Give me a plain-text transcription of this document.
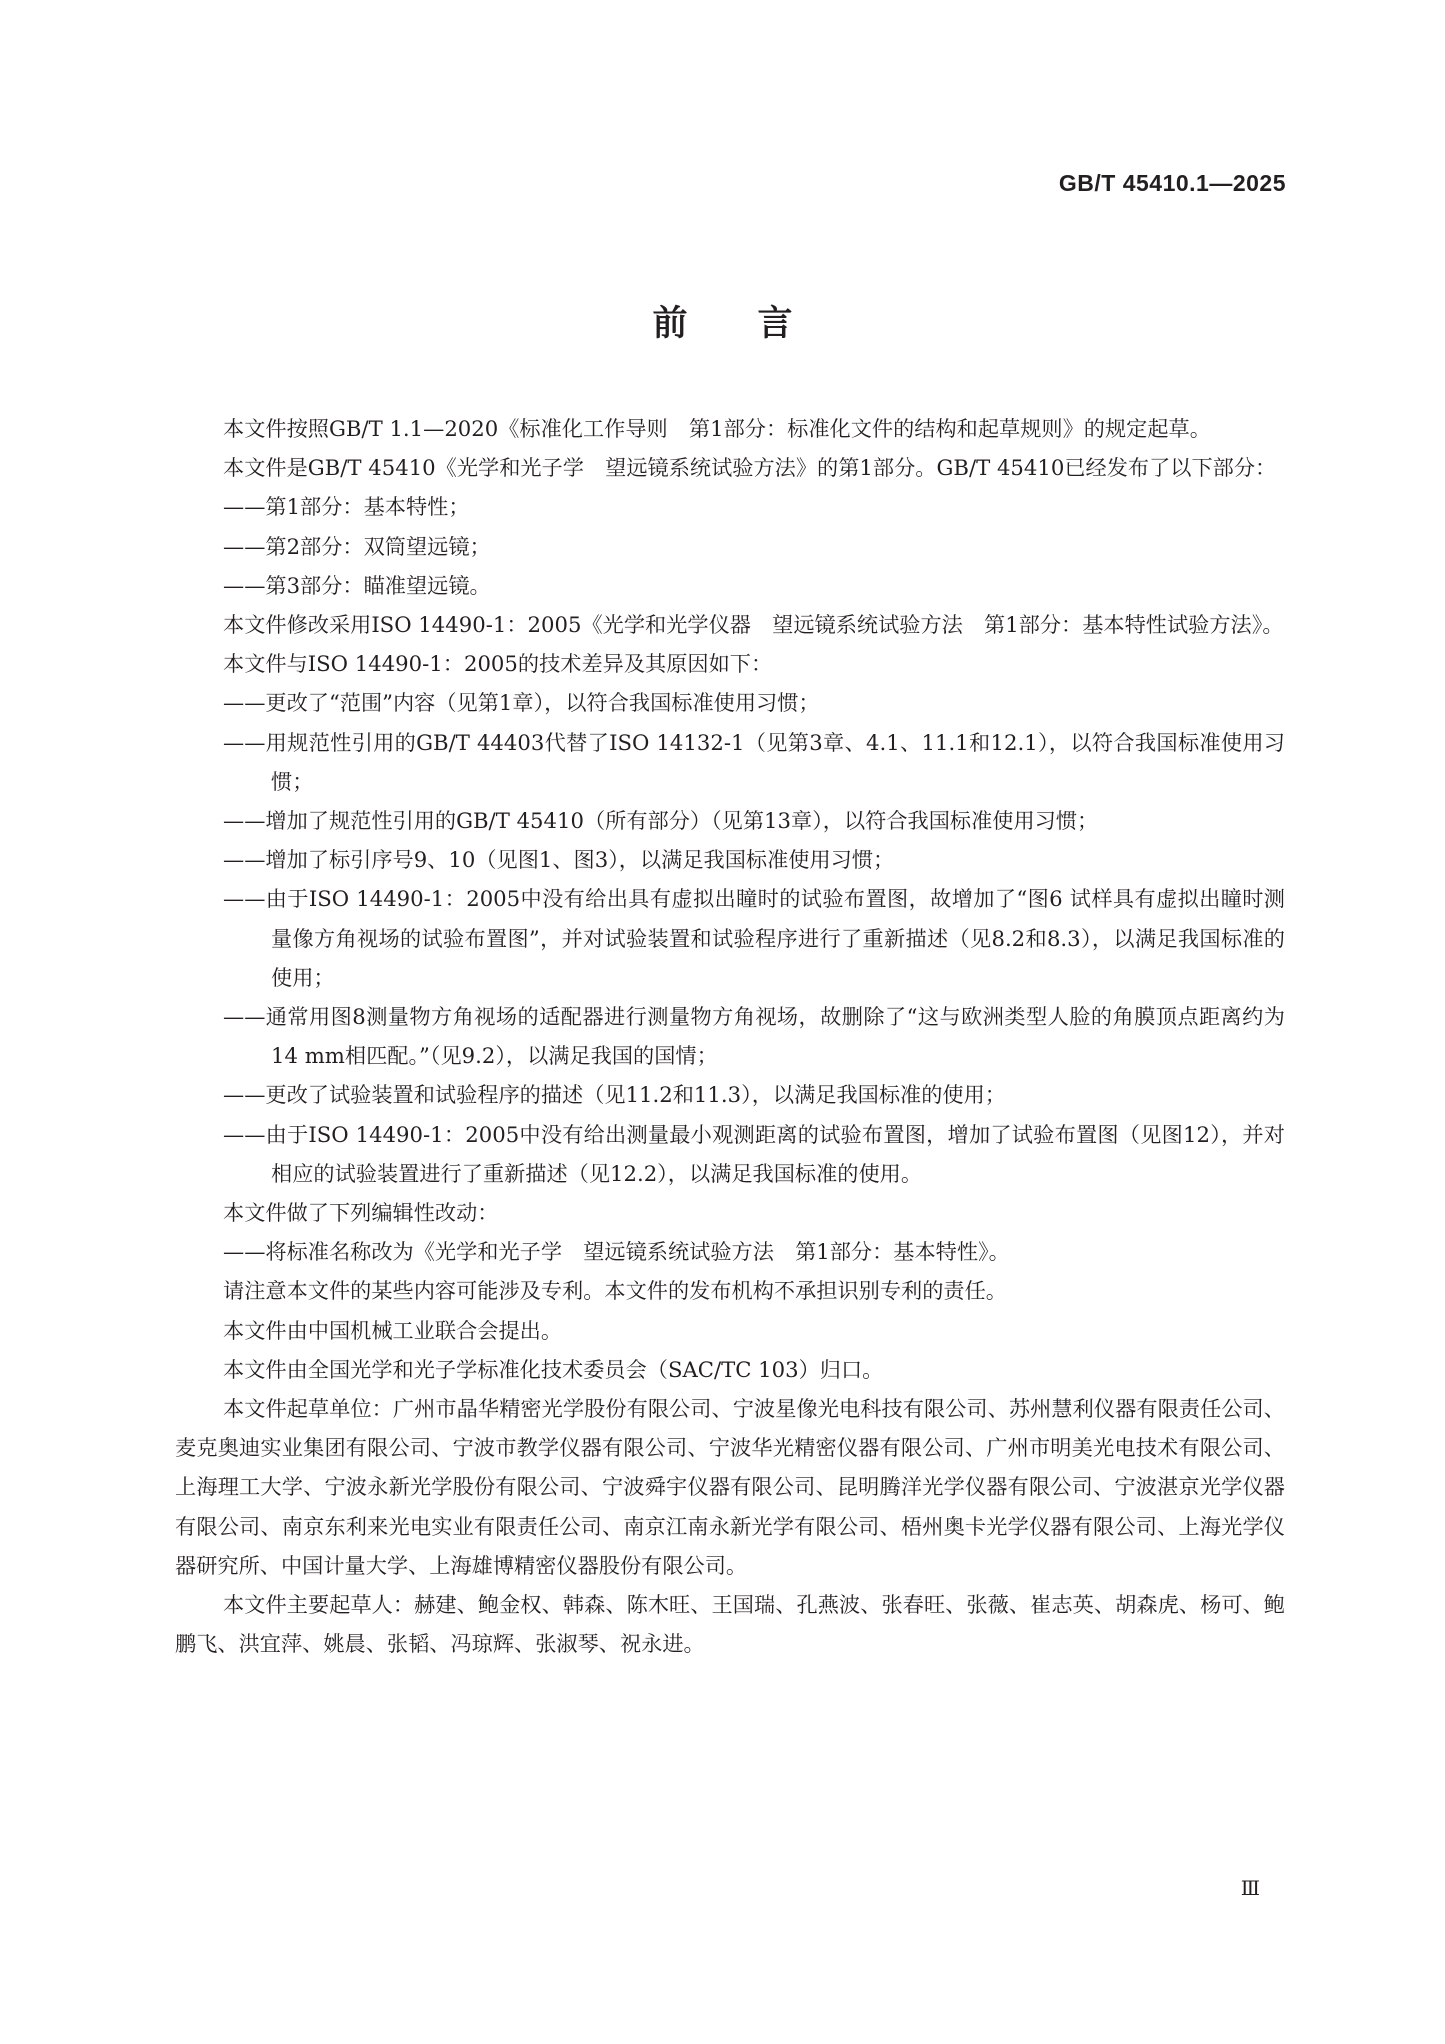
GB/T 45410.1—2025
前 言

本文件按照GB/T 1.1—2020《标准化工作导则　第1部分：标准化文件的结构和起草规则》的规定起草。

本文件是GB/T 45410《光学和光子学　望远镜系统试验方法》的第1部分。GB/T 45410已经发布了以下部分：

——第1部分：基本特性；

——第2部分：双筒望远镜；

——第3部分：瞄准望远镜。

本文件修改采用ISO 14490-1：2005《光学和光学仪器　望远镜系统试验方法　第1部分：基本特性试验方法》。

本文件与ISO 14490-1：2005的技术差异及其原因如下：

——更改了“范围”内容（见第1章），以符合我国标准使用习惯；

——用规范性引用的GB/T 44403代替了ISO 14132-1（见第3章、4.1、11.1和12.1），以符合我国标准使用习惯；

——增加了规范性引用的GB/T 45410（所有部分）（见第13章），以符合我国标准使用习惯；

——增加了标引序号9、10（见图1、图3），以满足我国标准使用习惯；

——由于ISO 14490-1：2005中没有给出具有虚拟出瞳时的试验布置图，故增加了“图6 试样具有虚拟出瞳时测量像方角视场的试验布置图”，并对试验装置和试验程序进行了重新描述（见8.2和8.3），以满足我国标准的使用；

——通常用图8测量物方角视场的适配器进行测量物方角视场，故删除了“这与欧洲类型人脸的角膜顶点距离约为14 mm相匹配。”（见9.2），以满足我国的国情；

——更改了试验装置和试验程序的描述（见11.2和11.3），以满足我国标准的使用；

——由于ISO 14490-1：2005中没有给出测量最小观测距离的试验布置图，增加了试验布置图（见图12），并对相应的试验装置进行了重新描述（见12.2），以满足我国标准的使用。

本文件做了下列编辑性改动：

——将标准名称改为《光学和光子学　望远镜系统试验方法　第1部分：基本特性》。

请注意本文件的某些内容可能涉及专利。本文件的发布机构不承担识别专利的责任。

本文件由中国机械工业联合会提出。

本文件由全国光学和光子学标准化技术委员会（SAC/TC 103）归口。

本文件起草单位：广州市晶华精密光学股份有限公司、宁波星像光电科技有限公司、苏州慧利仪器有限责任公司、麦克奥迪实业集团有限公司、宁波市教学仪器有限公司、宁波华光精密仪器有限公司、广州市明美光电技术有限公司、上海理工大学、宁波永新光学股份有限公司、宁波舜宇仪器有限公司、昆明腾洋光学仪器有限公司、宁波湛京光学仪器有限公司、南京东利来光电实业有限责任公司、南京江南永新光学有限公司、梧州奥卡光学仪器有限公司、上海光学仪器研究所、中国计量大学、上海雄博精密仪器股份有限公司。

本文件主要起草人：赫建、鲍金权、韩森、陈木旺、王国瑞、孔燕波、张春旺、张薇、崔志英、胡森虎、杨可、鲍鹏飞、洪宜萍、姚晨、张韬、冯琼辉、张淑琴、祝永进。

Ⅲ
